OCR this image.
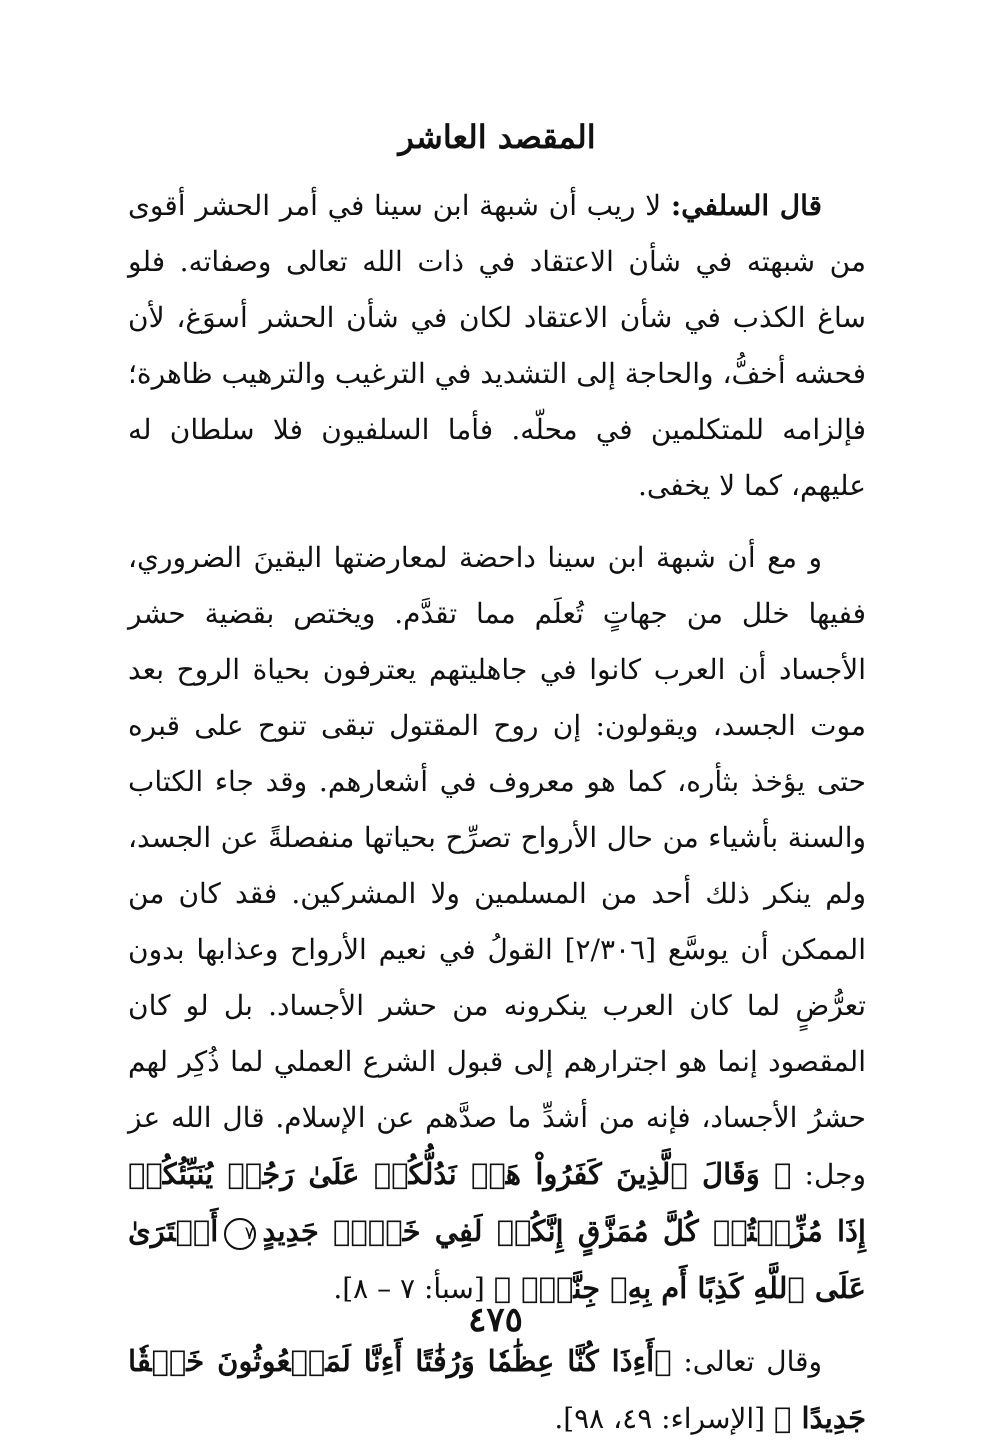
المقصد العاشر

قال السلفي: لا ريب أن شبهة ابن سينا في أمر الحشر أقوى من شبهته في شأن الاعتقاد في ذات الله تعالى وصفاته. فلو ساغ الكذب في شأن الاعتقاد لكان في شأن الحشر أسوَغ، لأن فحشه أخفُّ، والحاجة إلى التشديد في الترغيب والترهيب ظاهرة؛ فإلزامه للمتكلمين في محلّه. فأما السلفيون فلا سلطان له عليهم، كما لا يخفى.

و مع أن شبهة ابن سينا داحضة لمعارضتها اليقينَ الضروري، ففيها خلل من جهاتٍ تُعلَم مما تقدَّم. ويختص بقضية حشر الأجساد أن العرب كانوا في جاهليتهم يعترفون بحياة الروح بعد موت الجسد، ويقولون: إن روح المقتول تبقى تنوح على قبره حتى يؤخذ بثأره، كما هو معروف في أشعارهم. وقد جاء الكتاب والسنة بأشياء من حال الأرواح تصرِّح بحياتها منفصلةً عن الجسد، ولم ينكر ذلك أحد من المسلمين ولا المشركين. فقد كان من الممكن أن يوسَّع [٢/٣٠٦] القولُ في نعيم الأرواح وعذابها بدون تعرُّضٍ لما كان العرب ينكرونه من حشر الأجساد. بل لو كان المقصود إنما هو اجترارهم إلى قبول الشرع العملي لما ذُكِر لهم حشرُ الأجساد، فإنه من أشدِّ ما صدَّهم عن الإسلام. قال الله عز وجل: ﴿ وَقَالَ ٱلَّذِينَ كَفَرُواْ هَلۡ نَدُلُّكُمۡ عَلَىٰ رَجُلٖ يُنَبِّئُكُمۡ إِذَا مُزِّقۡتُمۡ كُلَّ مُمَزَّقٍ إِنَّكُمۡ لَفِي خَلۡقٖ جَدِيدٍ٧أَفۡتَرَىٰ عَلَى ٱللَّهِ كَذِبًا أَم بِهِۦ جِنَّةُۢ ﴾ [سبأ: ٧ – ٨].

وقال تعالى: ﴿أَءِذَا كُنَّا عِظَٰمٗا وَرُفَٰتًا أَءِنَّا لَمَبۡعُوثُونَ خَلۡقٗا جَدِيدًا ﴾ [الإسراء: ٤٩، ٩٨].

٤٧٥
